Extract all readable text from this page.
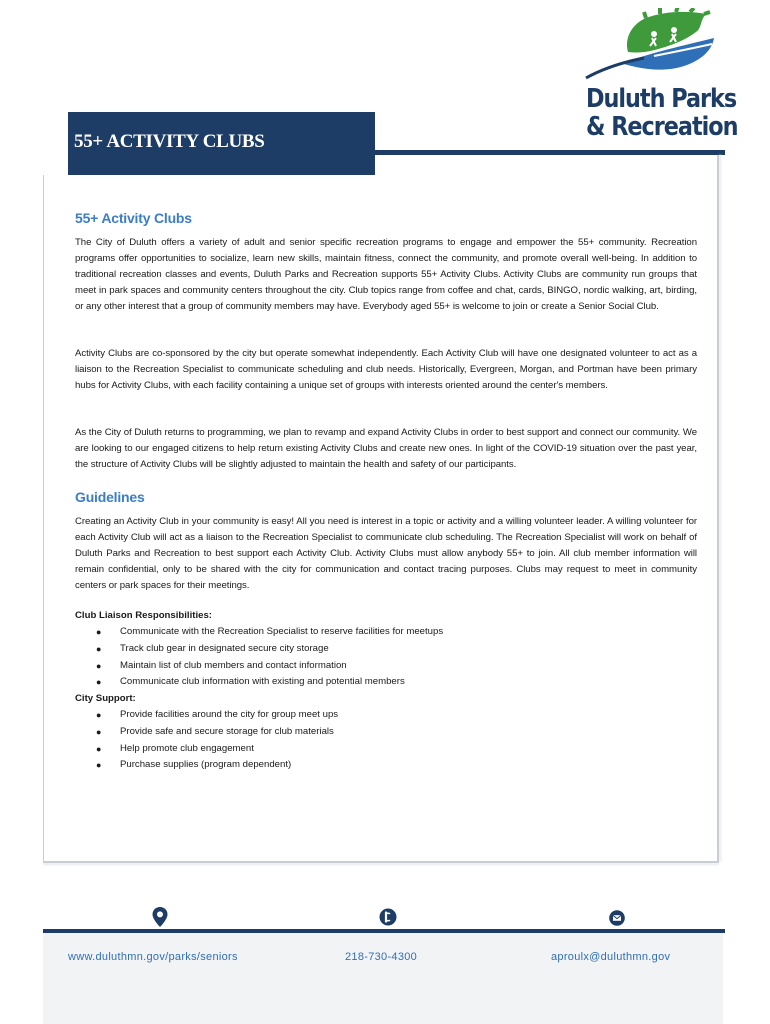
Duluth Parks
& Recreation
55+ ACTIVITY CLUBS
55+ Activity Clubs

The City of Duluth offers a variety of adult and senior specific recreation programs to engage and empower the 55+ community. Recreation programs offer opportunities to socialize, learn new skills, maintain fitness, connect the community, and promote overall well-being. In addition to traditional recreation classes and events, Duluth Parks and Recreation supports 55+ Activity Clubs. Activity Clubs are community run groups that meet in park spaces and community centers throughout the city. Club topics range from coffee and chat, cards, BINGO, nordic walking, art, birding, or any other interest that a group of community members may have. Everybody aged 55+ is welcome to join or create a Senior Social Club.

Activity Clubs are co-sponsored by the city but operate somewhat independently. Each Activity Club will have one designated volunteer to act as a liaison to the Recreation Specialist to communicate scheduling and club needs. Historically, Evergreen, Morgan, and Portman have been primary hubs for Activity Clubs, with each facility containing a unique set of groups with interests oriented around the center's members.

As the City of Duluth returns to programming, we plan to revamp and expand Activity Clubs in order to best support and connect our community. We are looking to our engaged citizens to help return existing Activity Clubs and create new ones. In light of the COVID-19 situation over the past year, the structure of Activity Clubs will be slightly adjusted to maintain the health and safety of our participants.

Guidelines

Creating an Activity Club in your community is easy! All you need is interest in a topic or activity and a willing volunteer leader. A willing volunteer for each Activity Club will act as a liaison to the Recreation Specialist to communicate club scheduling. The Recreation Specialist will work on behalf of Duluth Parks and Recreation to best support each Activity Club. Activity Clubs must allow anybody 55+ to join. All club member information will remain confidential, only to be shared with the city for communication and contact tracing purposes. Clubs may request to meet in community centers or park spaces for their meetings.

Club Liaison Responsibilities:
● Communicate with the Recreation Specialist to reserve facilities for meetups
● Track club gear in designated secure city storage
● Maintain list of club members and contact information
● Communicate club information with existing and potential members
City Support:
● Provide facilities around the city for group meet ups
● Provide safe and secure storage for club materials
● Help promote club engagement
● Purchase supplies (program dependent)
www.duluthmn.gov/parks/seniors	218-730-4300	aproulx@duluthmn.gov
